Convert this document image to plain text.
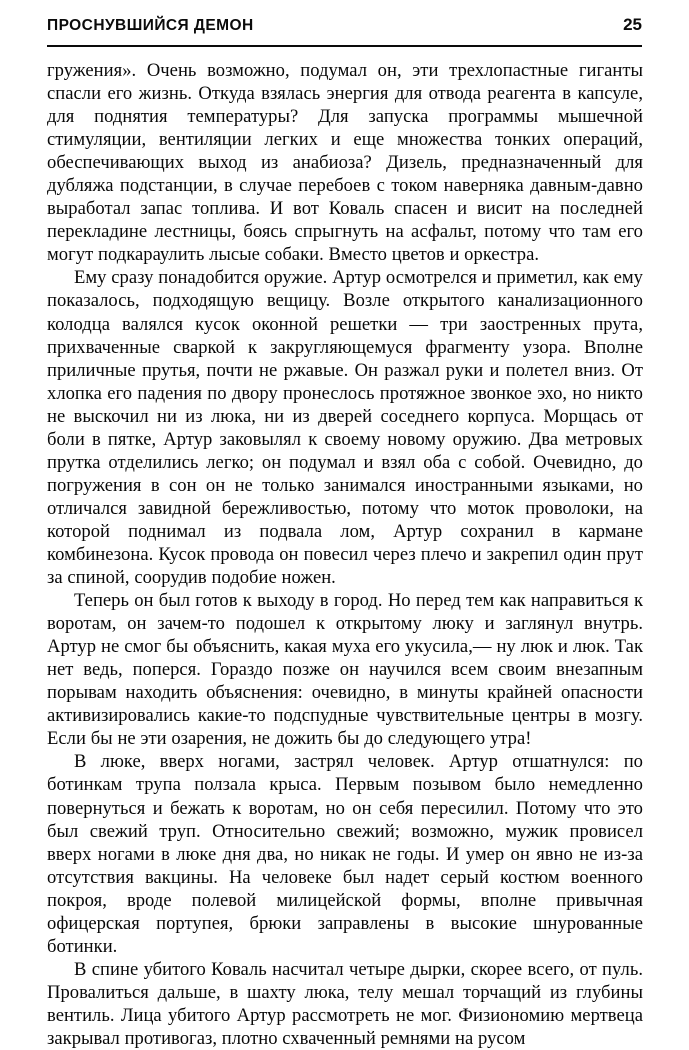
ПРОСНУВШИЙСЯ ДЕМОН	25

гружения». Очень возможно, подумал он, эти трехлопастные гиганты спасли его жизнь. Откуда взялась энергия для отвода реагента в капсуле, для поднятия температуры? Для запуска программы мышечной стимуляции, вентиляции легких и еще множества тонких операций, обеспечивающих выход из анабиоза? Дизель, предназначенный для дубляжа подстанции, в случае перебоев с током наверняка давным-давно выработал запас топлива. И вот Коваль спасен и висит на последней перекладине лестницы, боясь спрыгнуть на асфальт, потому что там его могут подкараулить лысые собаки. Вместо цветов и оркестра.

Ему сразу понадобится оружие. Артур осмотрелся и приметил, как ему показалось, подходящую вещицу. Возле открытого канализационного колодца валялся кусок оконной решетки — три заостренных прута, прихваченные сваркой к закругляющемуся фрагменту узора. Вполне приличные прутья, почти не ржавые. Он разжал руки и полетел вниз. От хлопка его падения по двору пронеслось протяжное звонкое эхо, но никто не выскочил ни из люка, ни из дверей соседнего корпуса. Морщась от боли в пятке, Артур заковылял к своему новому оружию. Два метровых прутка отделились легко; он подумал и взял оба с собой. Очевидно, до погружения в сон он не только занимался иностранными языками, но отличался завидной бережливостью, потому что моток проволоки, на которой поднимал из подвала лом, Артур сохранил в кармане комбинезона. Кусок провода он повесил через плечо и закрепил один прут за спиной, соорудив подобие ножен.

Теперь он был готов к выходу в город. Но перед тем как направиться к воротам, он зачем-то подошел к открытому люку и заглянул внутрь. Артур не смог бы объяснить, какая муха его укусила,— ну люк и люк. Так нет ведь, поперся. Гораздо позже он научился всем своим внезапным порывам находить объяснения: очевидно, в минуты крайней опасности активизировались какие-то подспудные чувствительные центры в мозгу. Если бы не эти озарения, не дожить бы до следующего утра!

В люке, вверх ногами, застрял человек. Артур отшатнулся: по ботинкам трупа ползала крыса. Первым позывом было немедленно повернуться и бежать к воротам, но он себя пересилил. Потому что это был свежий труп. Относительно свежий; возможно, мужик провисел вверх ногами в люке дня два, но никак не годы. И умер он явно не из-за отсутствия вакцины. На человеке был надет серый костюм военного покроя, вроде полевой милицейской формы, вполне привычная офицерская портупея, брюки заправлены в высокие шнурованные ботинки.

В спине убитого Коваль насчитал четыре дырки, скорее всего, от пуль. Провалиться дальше, в шахту люка, телу мешал торчащий из глубины вентиль. Лица убитого Артур рассмотреть не мог. Физиономию мертвеца закрывал противогаз, плотно схваченный ремнями на русом
